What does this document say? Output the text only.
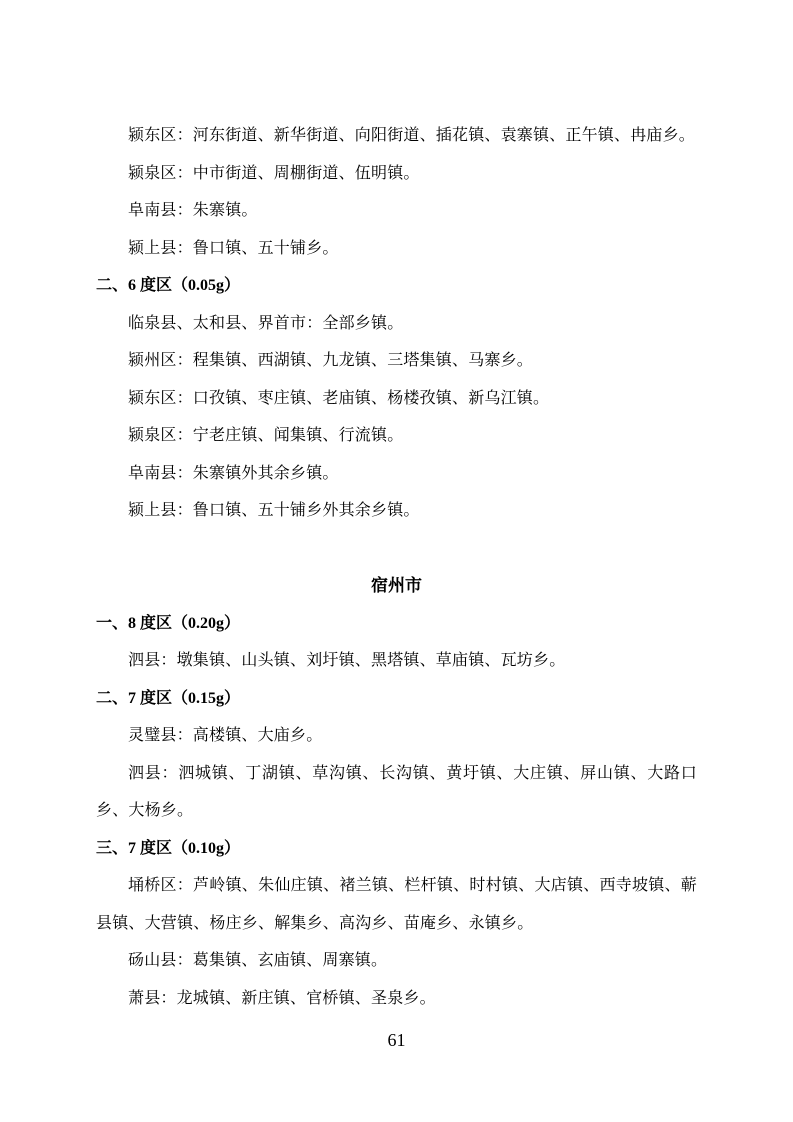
颍东区：河东街道、新华街道、向阳街道、插花镇、袁寨镇、正午镇、冉庙乡。

颍泉区：中市街道、周棚街道、伍明镇。

阜南县：朱寨镇。

颍上县：鲁口镇、五十铺乡。

二、6 度区（0.05g）

临泉县、太和县、界首市：全部乡镇。

颍州区：程集镇、西湖镇、九龙镇、三塔集镇、马寨乡。

颍东区：口孜镇、枣庄镇、老庙镇、杨楼孜镇、新乌江镇。

颍泉区：宁老庄镇、闻集镇、行流镇。

阜南县：朱寨镇外其余乡镇。

颍上县：鲁口镇、五十铺乡外其余乡镇。

宿州市
一、8 度区（0.20g）

泗县：墩集镇、山头镇、刘圩镇、黑塔镇、草庙镇、瓦坊乡。

二、7 度区（0.15g）

灵璧县：高楼镇、大庙乡。

泗县：泗城镇、丁湖镇、草沟镇、长沟镇、黄圩镇、大庄镇、屏山镇、大路口乡、大杨乡。

三、7 度区（0.10g）

埇桥区：芦岭镇、朱仙庄镇、褚兰镇、栏杆镇、时村镇、大店镇、西寺坡镇、蕲县镇、大营镇、杨庄乡、解集乡、高沟乡、苗庵乡、永镇乡。

砀山县：葛集镇、玄庙镇、周寨镇。

萧县：龙城镇、新庄镇、官桥镇、圣泉乡。

61
